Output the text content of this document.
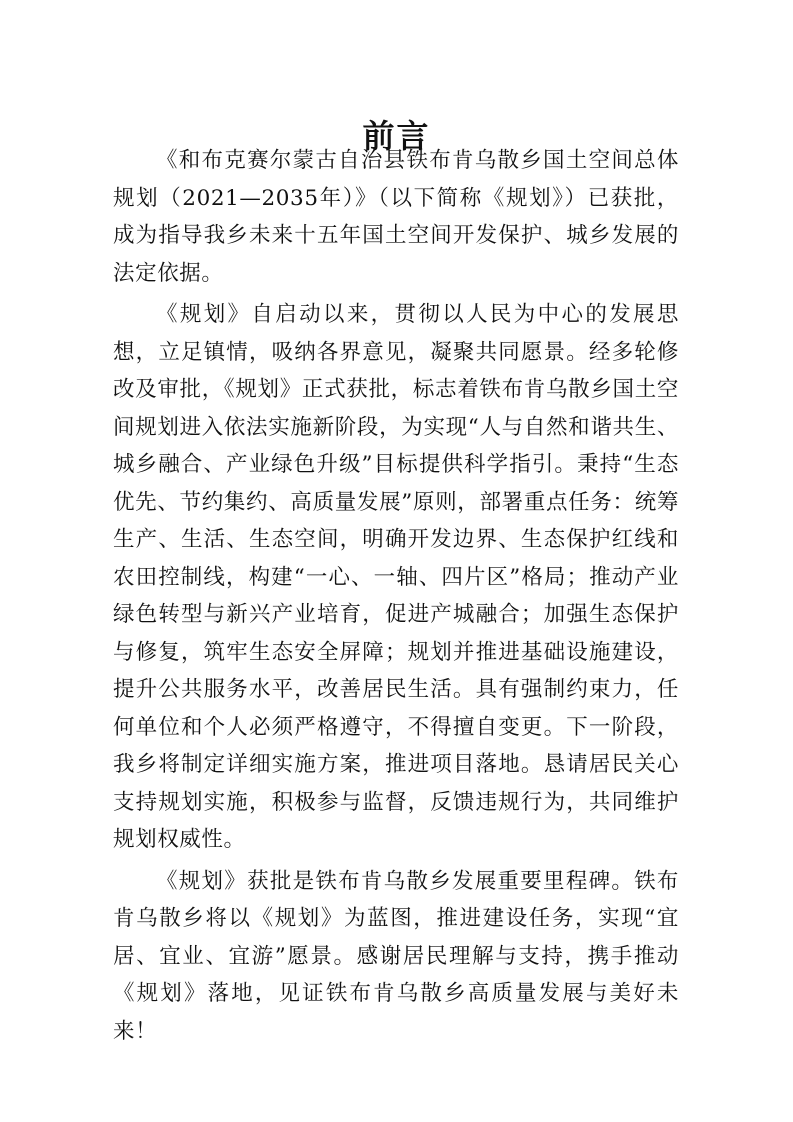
前言

《和布克赛尔蒙古自治县铁布肯乌散乡国土空间总体规划（2021—2035年）》（以下简称《规划》）已获批，成为指导我乡未来十五年国土空间开发保护、城乡发展的法定依据。

《规划》自启动以来，贯彻以人民为中心的发展思想，立足镇情，吸纳各界意见，凝聚共同愿景。经多轮修改及审批，《规划》正式获批，标志着铁布肯乌散乡国土空间规划进入依法实施新阶段，为实现“人与自然和谐共生、城乡融合、产业绿色升级”目标提供科学指引。秉持“生态优先、节约集约、高质量发展”原则，部署重点任务：统筹生产、生活、生态空间，明确开发边界、生态保护红线和农田控制线，构建“一心、一轴、四片区”格局；推动产业绿色转型与新兴产业培育，促进产城融合；加强生态保护与修复，筑牢生态安全屏障；规划并推进基础设施建设，提升公共服务水平，改善居民生活。具有强制约束力，任何单位和个人必须严格遵守，不得擅自变更。下一阶段，我乡将制定详细实施方案，推进项目落地。恳请居民关心支持规划实施，积极参与监督，反馈违规行为，共同维护规划权威性。

《规划》获批是铁布肯乌散乡发展重要里程碑。铁布肯乌散乡将以《规划》为蓝图，推进建设任务，实现“宜居、宜业、宜游”愿景。感谢居民理解与支持，携手推动《规划》落地，见证铁布肯乌散乡高质量发展与美好未来！
